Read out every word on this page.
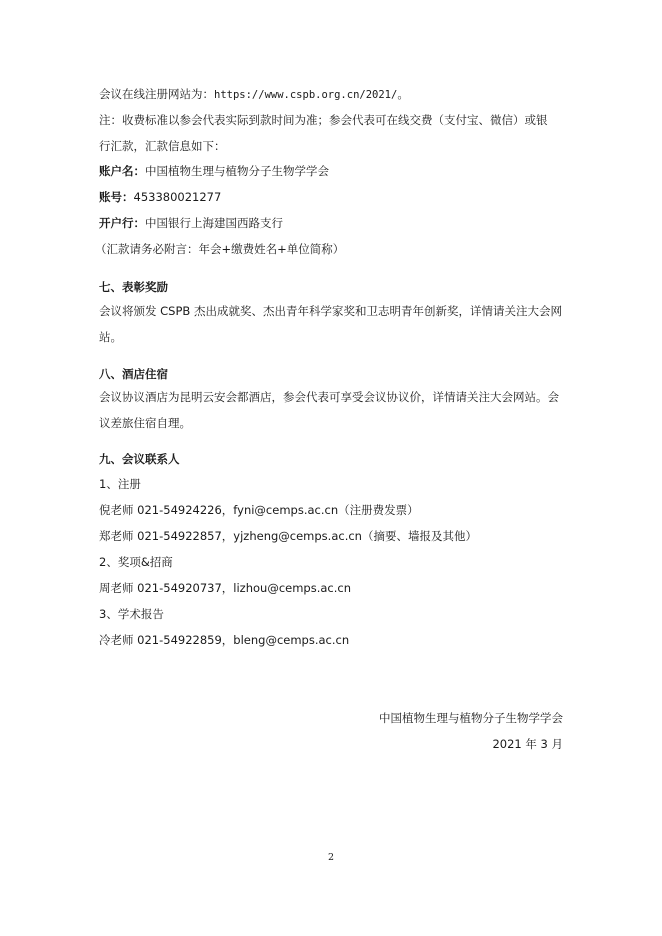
会议在线注册网站为：https://www.cspb.org.cn/2021/。
注：收费标准以参会代表实际到款时间为准；参会代表可在线交费（支付宝、微信）或银
行汇款，汇款信息如下：
账户名：中国植物生理与植物分子生物学学会
账号：453380021277
开户行：中国银行上海建国西路支行
（汇款请务必附言：年会+缴费姓名+单位简称）
七、表彰奖励
会议将颁发 CSPB 杰出成就奖、杰出青年科学家奖和卫志明青年创新奖，详情请关注大会网
站。
八、酒店住宿
会议协议酒店为昆明云安会都酒店，参会代表可享受会议协议价，详情请关注大会网站。会
议差旅住宿自理。
九、会议联系人
1、注册
倪老师 021-54924226，fyni@cemps.ac.cn（注册费发票）
郑老师 021-54922857，yjzheng@cemps.ac.cn（摘要、墙报及其他）
2、奖项&招商
周老师 021-54920737，lizhou@cemps.ac.cn
3、学术报告
冷老师 021-54922859，bleng@cemps.ac.cn
中国植物生理与植物分子生物学学会
2021 年 3 月
2
